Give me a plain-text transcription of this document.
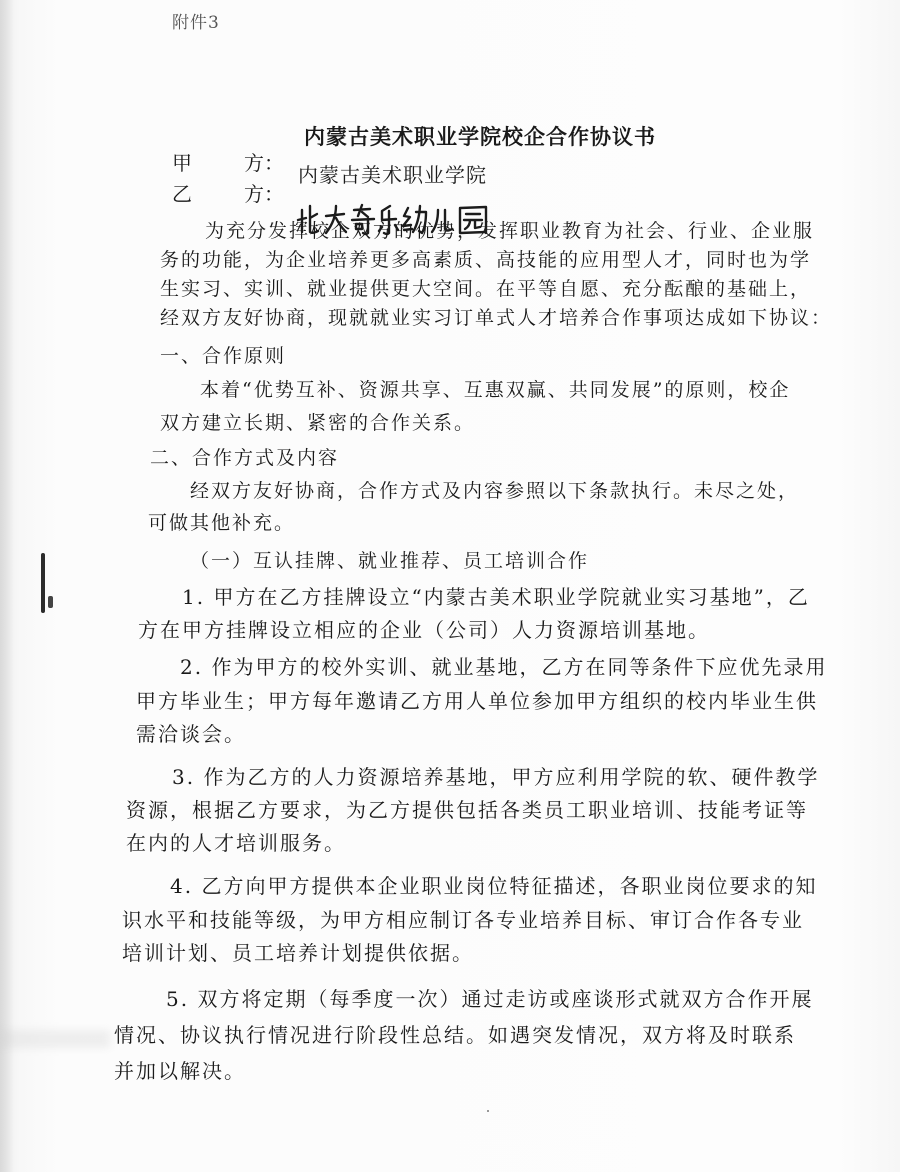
附件3
内蒙古美术职业学院校企合作协议书
甲	方： 内蒙古美术职业学院
乙	方：
为充分发挥校企双方的优势，发挥职业教育为社会、行业、企业服
务的功能，为企业培养更多高素质、高技能的应用型人才，同时也为学
生实习、实训、就业提供更大空间。在平等自愿、充分酝酿的基础上，
经双方友好协商，现就就业实习订单式人才培养合作事项达成如下协议：
一、合作原则
本着“优势互补、资源共享、互惠双赢、共同发展”的原则，校企
双方建立长期、紧密的合作关系。
二、合作方式及内容
经双方友好协商，合作方式及内容参照以下条款执行。未尽之处，
可做其他补充。
（一）互认挂牌、就业推荐、员工培训合作
1. 甲方在乙方挂牌设立“内蒙古美术职业学院就业实习基地”，乙
方在甲方挂牌设立相应的企业（公司）人力资源培训基地。
2. 作为甲方的校外实训、就业基地，乙方在同等条件下应优先录用
甲方毕业生；甲方每年邀请乙方用人单位参加甲方组织的校内毕业生供
需洽谈会。
3. 作为乙方的人力资源培养基地，甲方应利用学院的软、硬件教学
资源，根据乙方要求，为乙方提供包括各类员工职业培训、技能考证等
在内的人才培训服务。
4. 乙方向甲方提供本企业职业岗位特征描述，各职业岗位要求的知
识水平和技能等级，为甲方相应制订各专业培养目标、审订合作各专业
培训计划、员工培养计划提供依据。
5. 双方将定期（每季度一次）通过走访或座谈形式就双方合作开展
情况、协议执行情况进行阶段性总结。如遇突发情况，双方将及时联系
并加以解决。
